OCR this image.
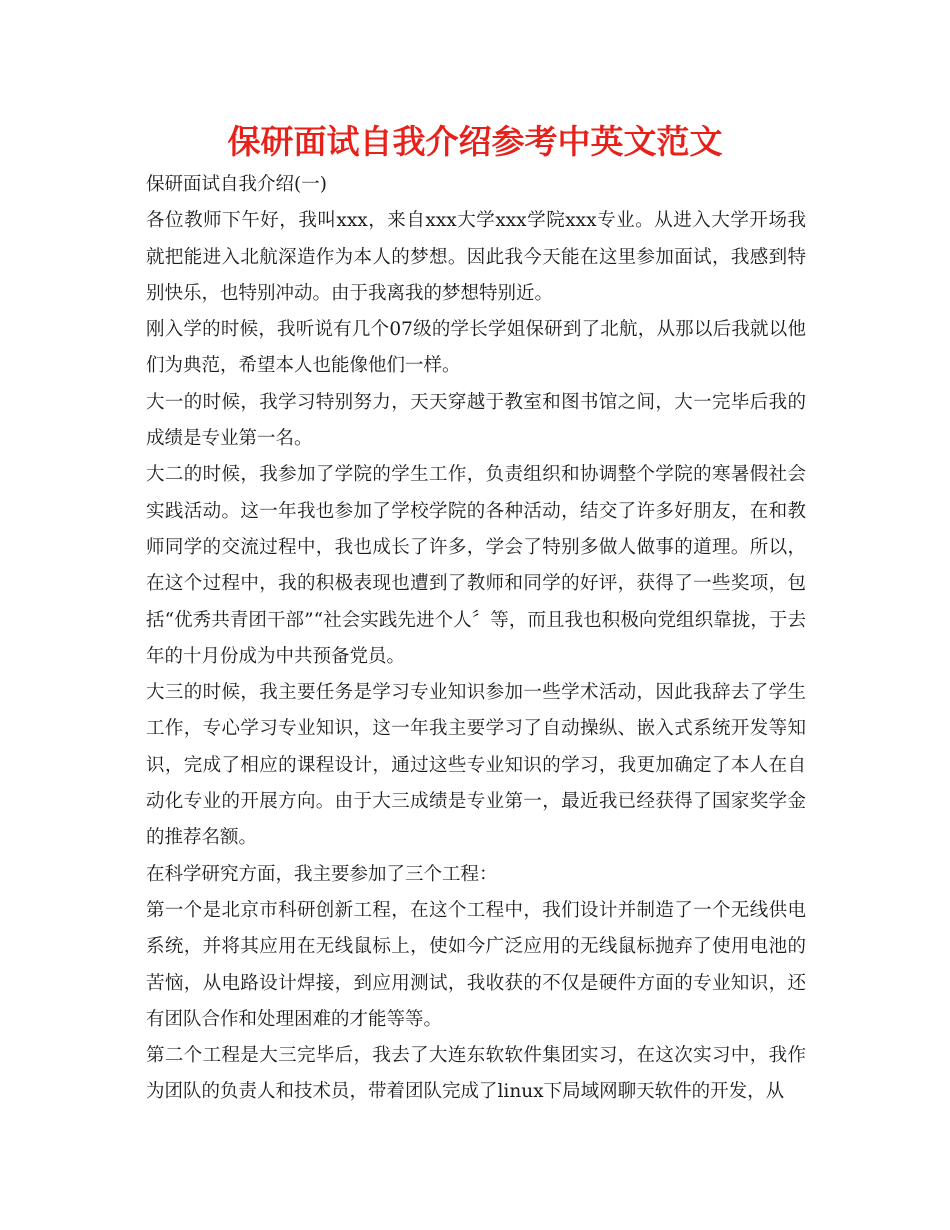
保研面试自我介绍参考中英文范文

保研面试自我介绍(一)

各位教师下午好，我叫xxx，来自xxx大学xxx学院xxx专业。从进入大学开场我就把能进入北航深造作为本人的梦想。因此我今天能在这里参加面试，我感到特别快乐，也特别冲动。由于我离我的梦想特别近。

刚入学的时候，我听说有几个07级的学长学姐保研到了北航，从那以后我就以他们为典范，希望本人也能像他们一样。

大一的时候，我学习特别努力，天天穿越于教室和图书馆之间，大一完毕后我的成绩是专业第一名。

大二的时候，我参加了学院的学生工作，负责组织和协调整个学院的寒暑假社会实践活动。这一年我也参加了学校学院的各种活动，结交了许多好朋友，在和教师同学的交流过程中，我也成长了许多，学会了特别多做人做事的道理。所以，在这个过程中，我的积极表现也遭到了教师和同学的好评，获得了一些奖项，包括“优秀共青团干部”“社会实践先进个人〞等，而且我也积极向党组织靠拢，于去年的十月份成为中共预备党员。

大三的时候，我主要任务是学习专业知识参加一些学术活动，因此我辞去了学生工作，专心学习专业知识，这一年我主要学习了自动操纵、嵌入式系统开发等知识，完成了相应的课程设计，通过这些专业知识的学习，我更加确定了本人在自动化专业的开展方向。由于大三成绩是专业第一，最近我已经获得了国家奖学金的推荐名额。

在科学研究方面，我主要参加了三个工程：

第一个是北京市科研创新工程，在这个工程中，我们设计并制造了一个无线供电系统，并将其应用在无线鼠标上，使如今广泛应用的无线鼠标抛弃了使用电池的苦恼，从电路设计焊接，到应用测试，我收获的不仅是硬件方面的专业知识，还有团队合作和处理困难的才能等等。

第二个工程是大三完毕后，我去了大连东软软件集团实习，在这次实习中，我作为团队的负责人和技术员，带着团队完成了linux下局域网聊天软件的开发，从
